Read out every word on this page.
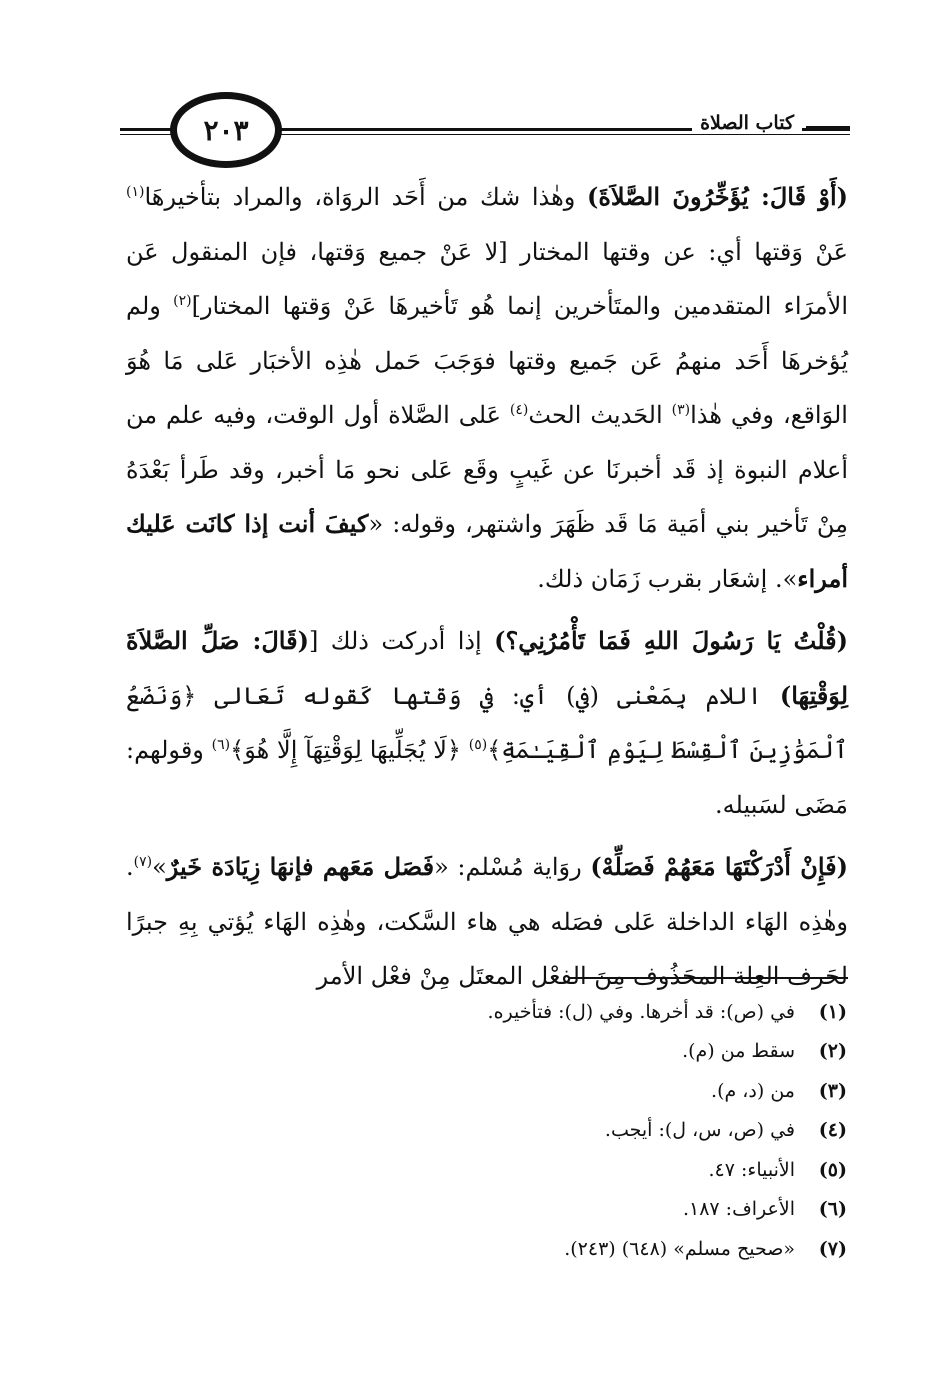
٢٠٣	كتاب الصلاة

(أَوْ قَالَ: يُؤَخِّرُونَ الصَّلاَةَ) وهٰذا شك من أَحَد الروَاة، والمراد بتأخيرهَا$^{(١)}$ عَنْ وَقتها أي: عن وقتها المختار [لا عَنْ جميع وَقتها، فإن المنقول عَن الأمرَاء المتقدمين والمتَأخرين إنما هُو تَأخيرهَا عَنْ وَقتها المختار]$^{(٢)}$ ولم يُؤخرهَا أَحَد منهمُ عَن جَميع وقتها فوَجَبَ حَمل هٰذِه الأخبَار عَلى مَا هُوَ الوَاقع، وفي هٰذا$^{(٣)}$ الحَديث الحث$^{(٤)}$ عَلى الصَّلاة أول الوقت، وفيه علم من أعلام النبوة إذ قَد أخبرنَا عن غَيبٍ وقَع عَلى نحو مَا أخبر، وقد طَرأ بَعْدَهُ مِنْ تَأخير بني أمَية مَا قَد ظَهَرَ واشتهر، وقوله: «كيفَ أنت إذا كانَت عَليك أمراء». إشعَار بقرب زَمَان ذلك.

(قُلْتُ يَا رَسُولَ اللهِ فَمَا تَأْمُرُنِي؟) إذا أدركت ذلك [(قَالَ: صَلِّ الصَّلاَةَ لِوَقْتِهَا) اللام بِمَعْنى (في) أي: في وَقتها كَقوله تَعَالى ﴿وَنَضَعُ ٱلْمَوَٰزِينَ ٱلْقِسْطَ لِيَوْمِ ٱلْقِيَـٰمَةِ﴾$^{(٥)}$ ﴿لَا يُجَلِّيهَا لِوَقْتِهَآ إِلَّا هُوَ﴾$^{(٦)}$ وقولهم: مَضَى لسَبيله.

(فَإِنْ أَدْرَكْتَهَا مَعَهُمْ فَصَلِّهْ) روَاية مُسْلم: «فَصَل مَعَهم فإنهَا زِيَادَة خَيرٌ»$^{(٧)}$. وهٰذِه الهَاء الداخلة عَلى فصَله هي هاء السَّكت، وهٰذِه الهَاء يُؤتي بِهِ جبرًا لحَرف العِلة المحَذُوف مِنَ الفعْل المعتَل مِنْ فعْل الأمر

(١)
في (ص): قد أخرها. وفي (ل): فتأخيره.
(٢)
سقط من (م).
(٣)
من (د، م).
(٤)
في (ص، س، ل): أيجب.
(٥)
الأنبياء: ٤٧.
(٦)
الأعراف: ١٨٧.
(٧)
«صحيح مسلم» (٦٤٨) (٢٤٣).
